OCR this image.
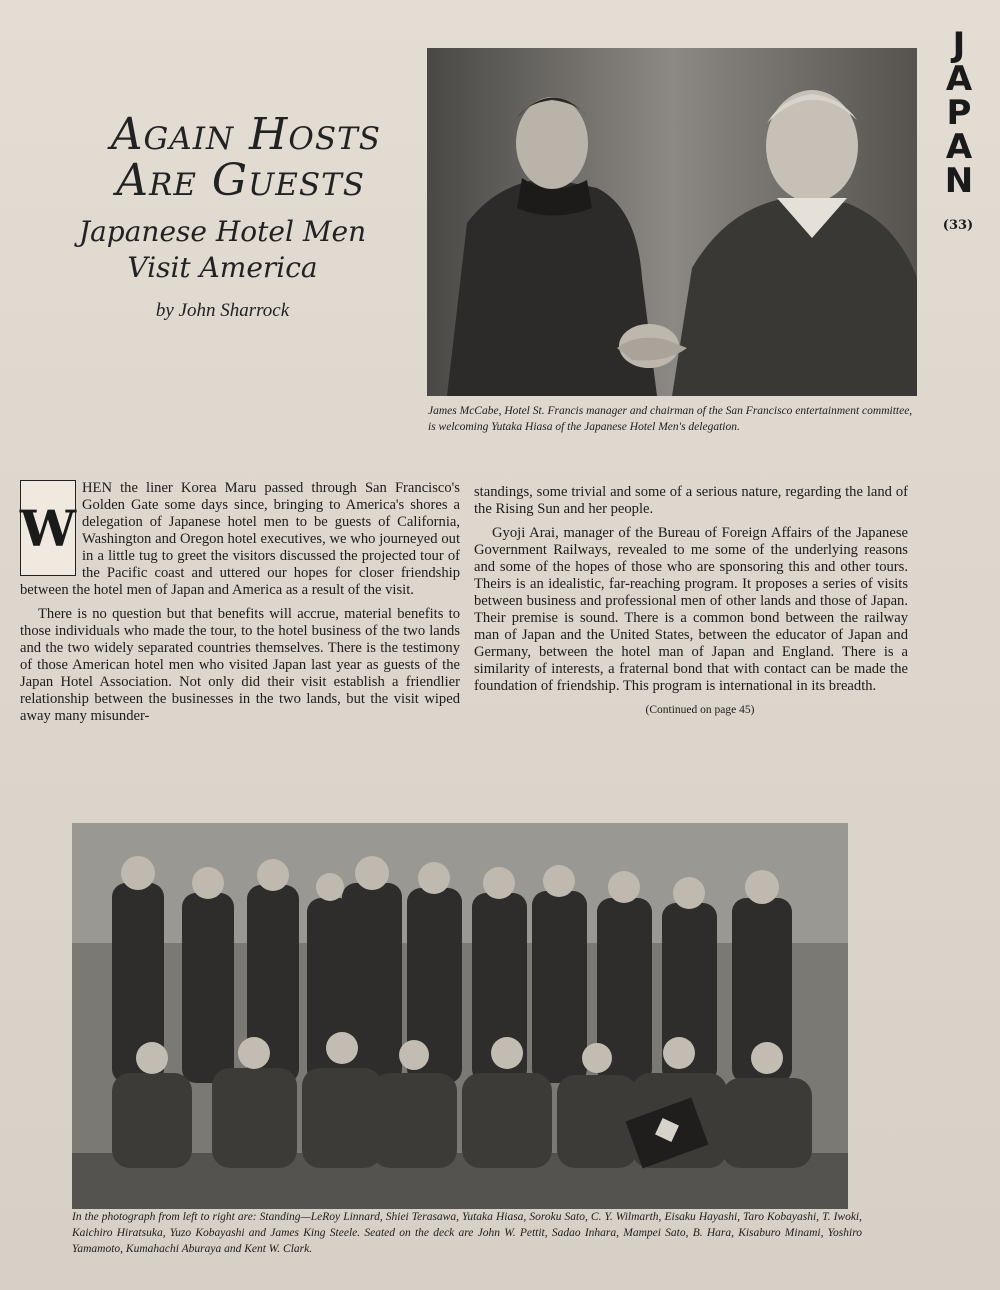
J
A
P
A
N
(33)
Again Hosts
Are Guests
Japanese Hotel Men
Visit America
by John Sharrock
James McCabe, Hotel St. Francis manager and chairman of the San Francisco entertainment committee, is welcoming Yutaka Hiasa of the Japanese Hotel Men's delegation.

W
HEN the liner Korea Maru passed through San Francisco's Golden Gate some days since, bringing to America's shores a delegation of Japanese hotel men to be guests of California, Washington and Oregon hotel executives, we who journeyed out in a little tug to greet the visitors discussed the projected tour of the Pacific coast and uttered our hopes for closer friendship between the hotel men of Japan and America as a result of the visit.

There is no question but that benefits will accrue, material benefits to those individuals who made the tour, to the hotel business of the two lands and the two widely separated countries themselves. There is the testimony of those American hotel men who visited Japan last year as guests of the Japan Hotel Association. Not only did their visit establish a friendlier relationship between the businesses in the two lands, but the visit wiped away many misunder-

standings, some trivial and some of a serious nature, regarding the land of the Rising Sun and her people.

Gyoji Arai, manager of the Bureau of Foreign Affairs of the Japanese Government Railways, revealed to me some of the underlying reasons and some of the hopes of those who are sponsoring this and other tours. Theirs is an idealistic, far-reaching program. It proposes a series of visits between business and professional men of other lands and those of Japan. Their premise is sound. There is a common bond between the railway man of Japan and the United States, between the educator of Japan and Germany, between the hotel man of Japan and England. There is a similarity of interests, a fraternal bond that with contact can be made the foundation of friendship. This program is international in its breadth.

(Continued on page 45)

In the photograph from left to right are: Standing—LeRoy Linnard, Shiei Terasawa, Yutaka Hiasa, Soroku Sato, C. Y. Wilmarth, Eisaku Hayashi, Taro Kobayashi, T. Iwoki, Kaichiro Hiratsuka, Yuzo Kobayashi and James King Steele. Seated on the deck are John W. Pettit, Sadao Inhara, Mampei Sato, B. Hara, Kisaburo Minami, Yoshiro Yamamoto, Kumahachi Aburaya and Kent W. Clark.
